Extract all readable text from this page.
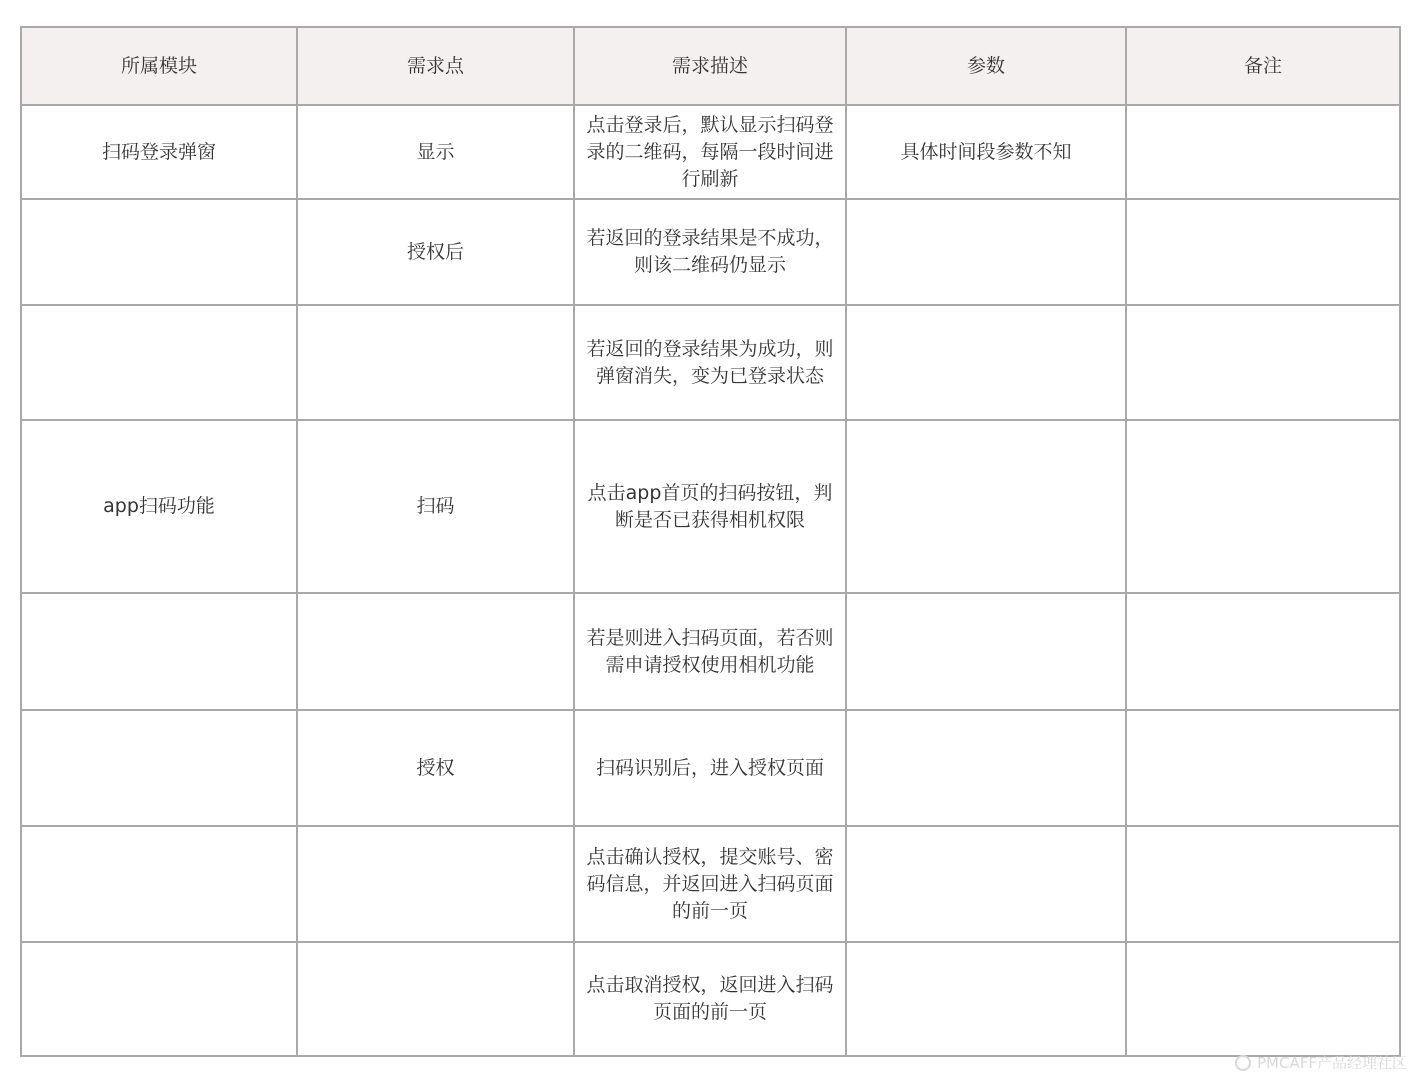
所属模块	需求点	需求描述	参数	备注
扫码登录弹窗	显示	点击登录后，默认显示扫码登录的二维码，每隔一段时间进行刷新	具体时间段参数不知	
	授权后	若返回的登录结果是不成功，则该二维码仍显示		
		若返回的登录结果为成功，则弹窗消失，变为已登录状态		
app扫码功能	扫码	点击app首页的扫码按钮，判断是否已获得相机权限		
		若是则进入扫码页面，若否则需申请授权使用相机功能		
	授权	扫码识别后，进入授权页面		
		点击确认授权，提交账号、密码信息，并返回进入扫码页面的前一页		
		点击取消授权，返回进入扫码页面的前一页		
PMCAFF产品经理社区
